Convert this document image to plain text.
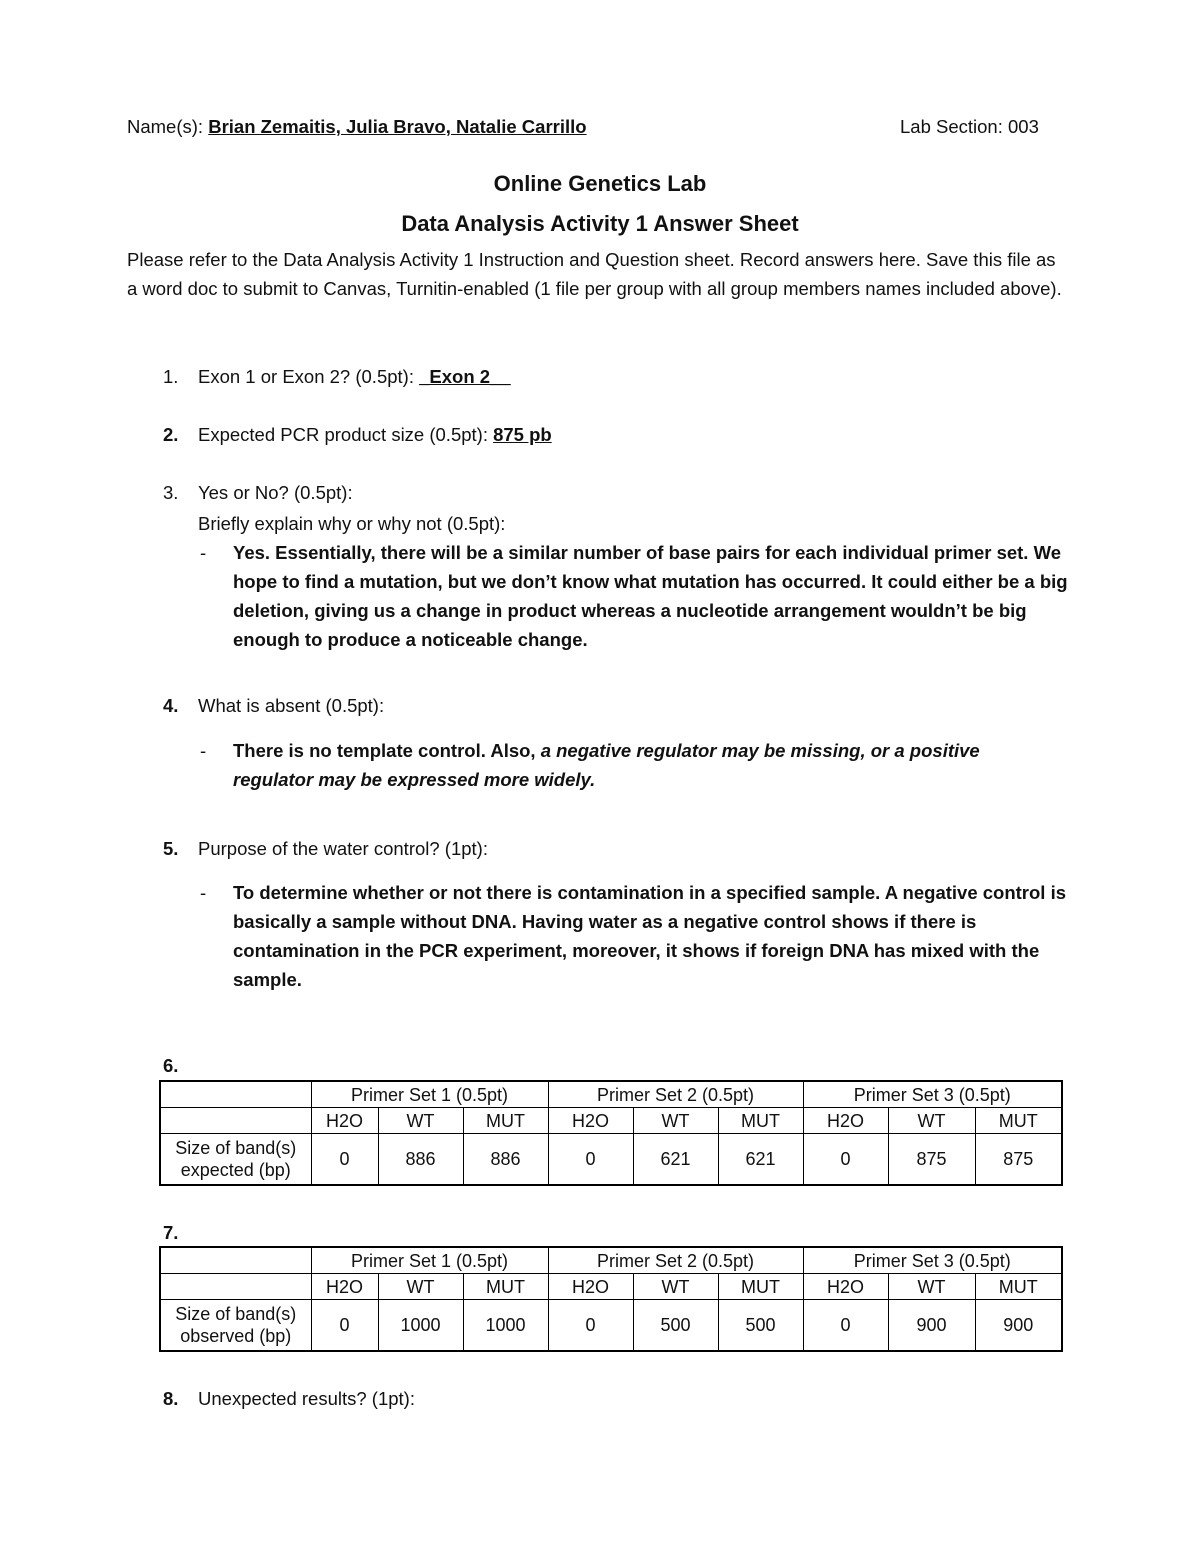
Name(s): Brian Zemaitis, Julia Bravo, Natalie Carrillo	Lab Section: 003
Online Genetics Lab
Data Analysis Activity 1 Answer Sheet
Please refer to the Data Analysis Activity 1 Instruction and Question sheet. Record answers here. Save this file as a word doc to submit to Canvas, Turnitin-enabled (1 file per group with all group members names included above).
1.	Exon 1 or Exon 2? (0.5pt): _Exon 2__
2.	Expected PCR product size (0.5pt): 875 pb
3.	Yes or No? (0.5pt):
Briefly explain why or why not (0.5pt):
- Yes. Essentially, there will be a similar number of base pairs for each individual primer set. We hope to find a mutation, but we don’t know what mutation has occurred. It could either be a big deletion, giving us a change in product whereas a nucleotide arrangement wouldn’t be big enough to produce a noticeable change.
4.	What is absent (0.5pt):
- There is no template control. Also, a negative regulator may be missing, or a positive regulator may be expressed more widely.
5.	Purpose of the water control? (1pt):
- To determine whether or not there is contamination in a specified sample. A negative control is basically a sample without DNA. Having water as a negative control shows if there is contamination in the PCR experiment, moreover, it shows if foreign DNA has mixed with the sample.
6.
	Primer Set 1 (0.5pt)			Primer Set 2 (0.5pt)			Primer Set 3 (0.5pt)		
	H2O	WT	MUT	H2O	WT	MUT	H2O	WT	MUT
Size of band(s)
expected (bp)	0	886	886	0	621	621	0	875	875
7.
	Primer Set 1 (0.5pt)			Primer Set 2 (0.5pt)			Primer Set 3 (0.5pt)		
	H2O	WT	MUT	H2O	WT	MUT	H2O	WT	MUT
Size of band(s)
observed (bp)	0	1000	1000	0	500	500	0	900	900
8.	Unexpected results? (1pt):
